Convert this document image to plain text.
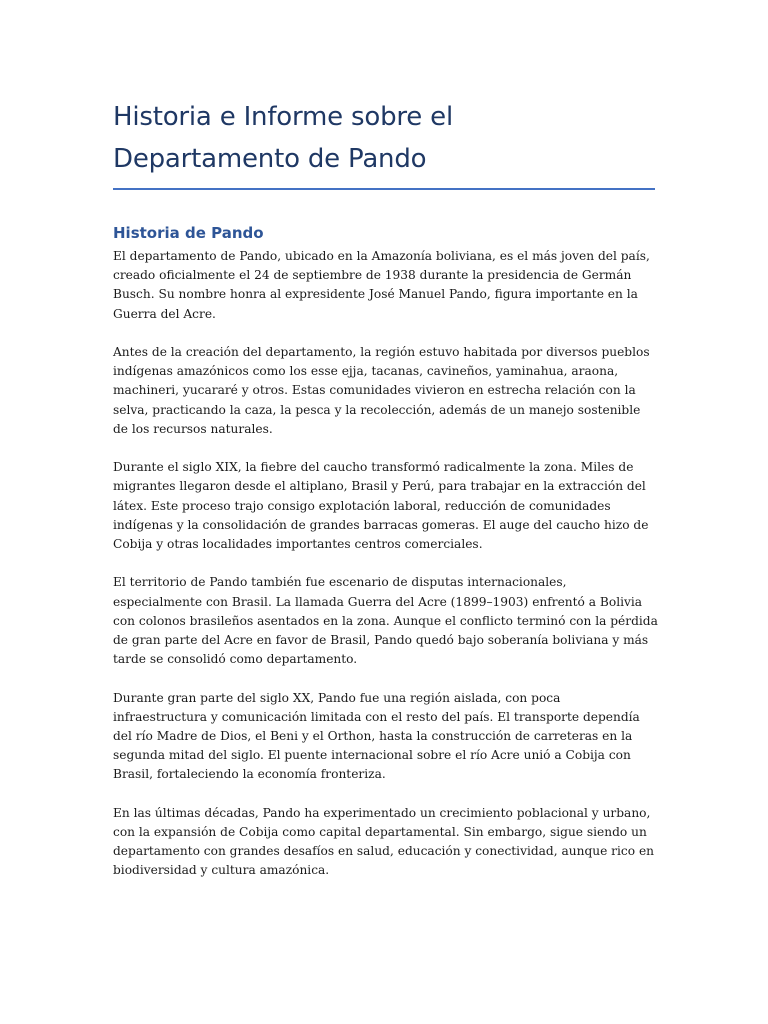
Historia e Informe sobre el
Departamento de Pando
Historia de Pando

El departamento de Pando, ubicado en la Amazonía boliviana, es el más joven del país, creado oficialmente el 24 de septiembre de 1938 durante la presidencia de Germán Busch. Su nombre honra al expresidente José Manuel Pando, figura importante en la Guerra del Acre.

Antes de la creación del departamento, la región estuvo habitada por diversos pueblos indígenas amazónicos como los esse ejja, tacanas, cavineños, yaminahua, araona, machineri, yucararé y otros. Estas comunidades vivieron en estrecha relación con la selva, practicando la caza, la pesca y la recolección, además de un manejo sostenible de los recursos naturales.

Durante el siglo XIX, la fiebre del caucho transformó radicalmente la zona. Miles de migrantes llegaron desde el altiplano, Brasil y Perú, para trabajar en la extracción del látex. Este proceso trajo consigo explotación laboral, reducción de comunidades indígenas y la consolidación de grandes barracas gomeras. El auge del caucho hizo de Cobija y otras localidades importantes centros comerciales.

El territorio de Pando también fue escenario de disputas internacionales, especialmente con Brasil. La llamada Guerra del Acre (1899–1903) enfrentó a Bolivia con colonos brasileños asentados en la zona. Aunque el conflicto terminó con la pérdida de gran parte del Acre en favor de Brasil, Pando quedó bajo soberanía boliviana y más tarde se consolidó como departamento.

Durante gran parte del siglo XX, Pando fue una región aislada, con poca infraestructura y comunicación limitada con el resto del país. El transporte dependía del río Madre de Dios, el Beni y el Orthon, hasta la construcción de carreteras en la segunda mitad del siglo. El puente internacional sobre el río Acre unió a Cobija con Brasil, fortaleciendo la economía fronteriza.

En las últimas décadas, Pando ha experimentado un crecimiento poblacional y urbano, con la expansión de Cobija como capital departamental. Sin embargo, sigue siendo un departamento con grandes desafíos en salud, educación y conectividad, aunque rico en biodiversidad y cultura amazónica.
